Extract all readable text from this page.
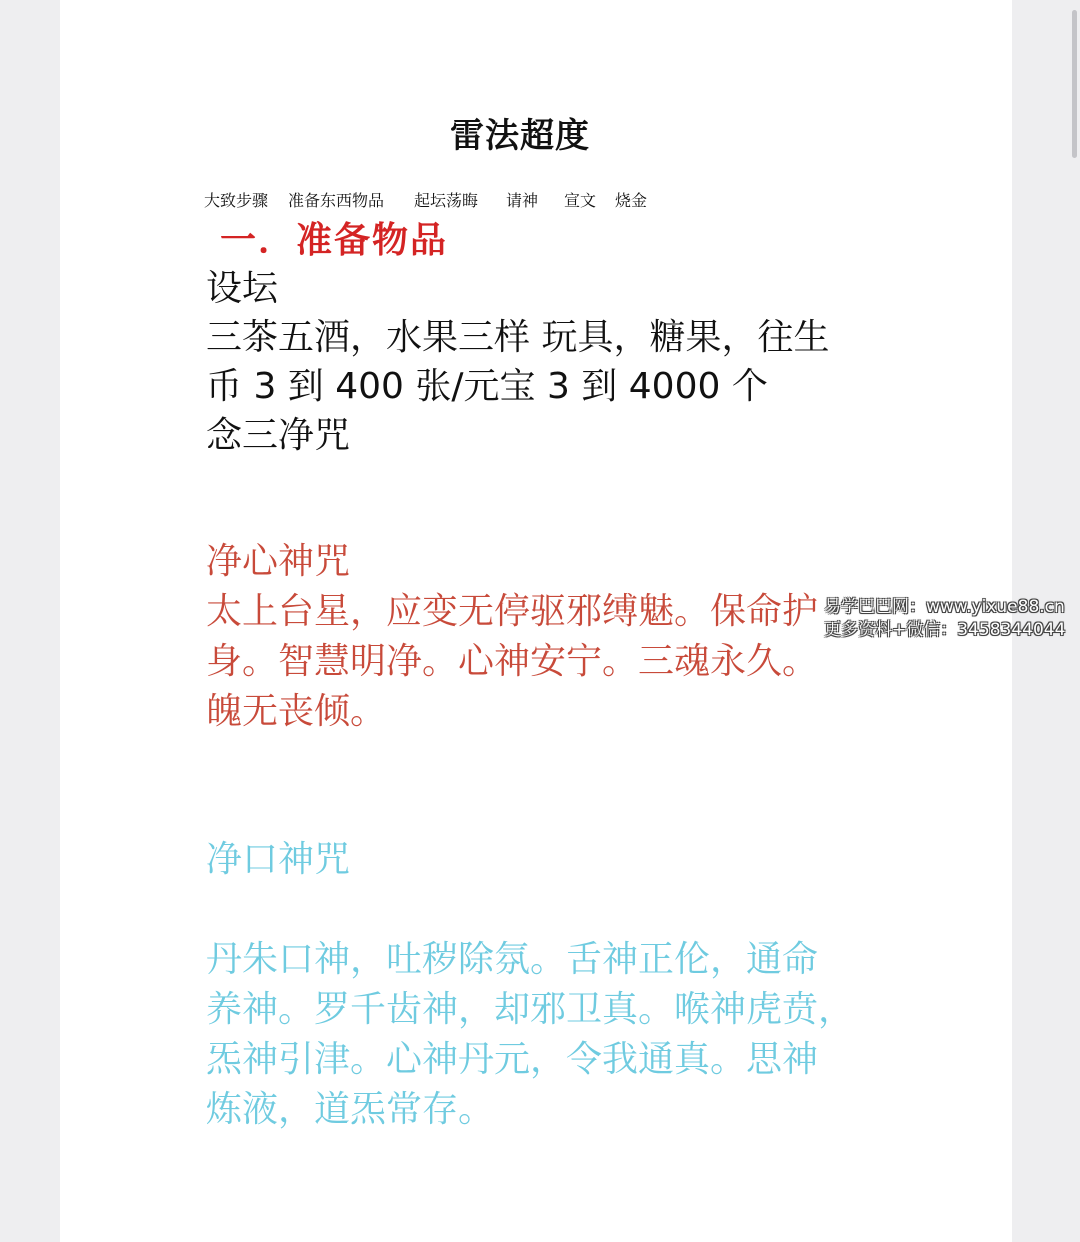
雷法超度
大致步骤 准备东西物品 起坛荡晦 请神 宣文 烧金
一．准备物品
设坛
三茶五酒，水果三样 玩具，糖果，往生
币 3 到 400 张/元宝 3 到 4000 个
念三净咒
净心神咒
太上台星，应变无停驱邪缚魅。保命护
身。智慧明净。心神安宁。三魂永久。
魄无丧倾。
净口神咒
丹朱口神，吐秽除氛。舌神正伦，通命
养神。罗千齿神，却邪卫真。喉神虎贲，
炁神引津。心神丹元，令我通真。思神
炼液，道炁常存。
易学巴巴网：www.yixue88.cn
更多资料+微信：3458344044
